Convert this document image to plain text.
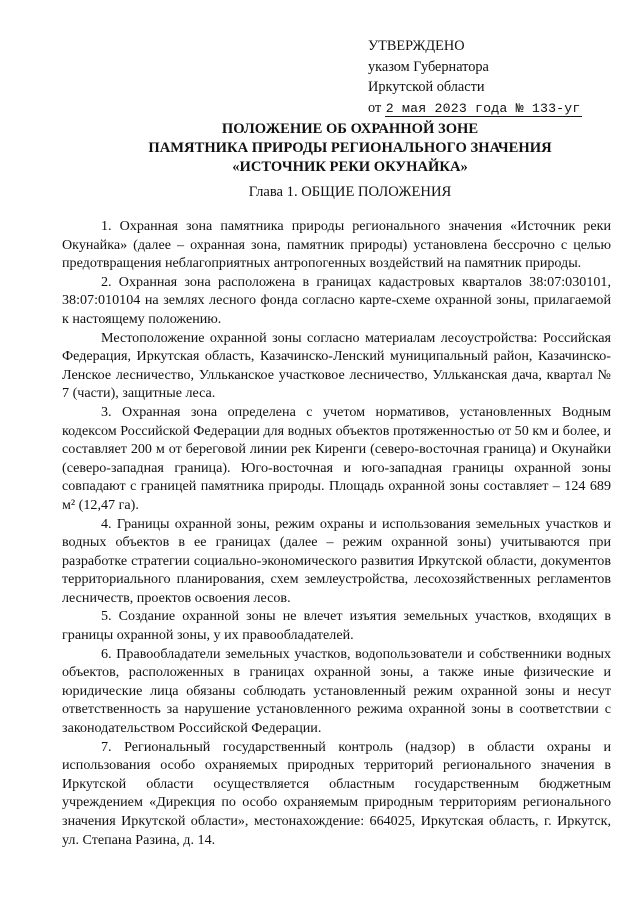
УТВЕРЖДЕНО
указом Губернатора
Иркутской области
от 2 мая 2023 года № 133-уг
ПОЛОЖЕНИЕ ОБ ОХРАННОЙ ЗОНЕ
ПАМЯТНИКА ПРИРОДЫ РЕГИОНАЛЬНОГО ЗНАЧЕНИЯ
«ИСТОЧНИК РЕКИ ОКУНАЙКА»
Глава 1. ОБЩИЕ ПОЛОЖЕНИЯ

1. Охранная зона памятника природы регионального значения «Источник реки Окунайка» (далее – охранная зона, памятник природы) установлена бессрочно с целью предотвращения неблагоприятных антропогенных воздействий на памятник природы.

2. Охранная зона расположена в границах кадастровых кварталов 38:07:030101, 38:07:010104 на землях лесного фонда согласно карте-схеме охранной зоны, прилагаемой к настоящему положению.

Местоположение охранной зоны согласно материалам лесоустройства: Российская Федерация, Иркутская область, Казачинско-Ленский муниципальный район, Казачинско-Ленское лесничество, Улльканское участковое лесничество, Улльканская дача, квартал № 7 (части), защитные леса.

3. Охранная зона определена с учетом нормативов, установленных Водным кодексом Российской Федерации для водных объектов протяженностью от 50 км и более, и составляет 200 м от береговой линии рек Киренги (северо-восточная граница) и Окунайки (северо-западная граница). Юго-восточная и юго-западная границы охранной зоны совпадают с границей памятника природы. Площадь охранной зоны составляет – 124 689 м² (12,47 га).

4. Границы охранной зоны, режим охраны и использования земельных участков и водных объектов в ее границах (далее – режим охранной зоны) учитываются при разработке стратегии социально-экономического развития Иркутской области, документов территориального планирования, схем землеустройства, лесохозяйственных регламентов лесничеств, проектов освоения лесов.

5. Создание охранной зоны не влечет изъятия земельных участков, входящих в границы охранной зоны, у их правообладателей.

6. Правообладатели земельных участков, водопользователи и собственники водных объектов, расположенных в границах охранной зоны, а также иные физические и юридические лица обязаны соблюдать установленный режим охранной зоны и несут ответственность за нарушение установленного режима охранной зоны в соответствии с законодательством Российской Федерации.

7. Региональный государственный контроль (надзор) в области охраны и использования особо охраняемых природных территорий регионального значения в Иркутской области осуществляется областным государственным бюджетным учреждением «Дирекция по особо охраняемым природным территориям регионального значения Иркутской области», местонахождение: 664025, Иркутская область, г. Иркутск, ул. Степана Разина, д. 14.
